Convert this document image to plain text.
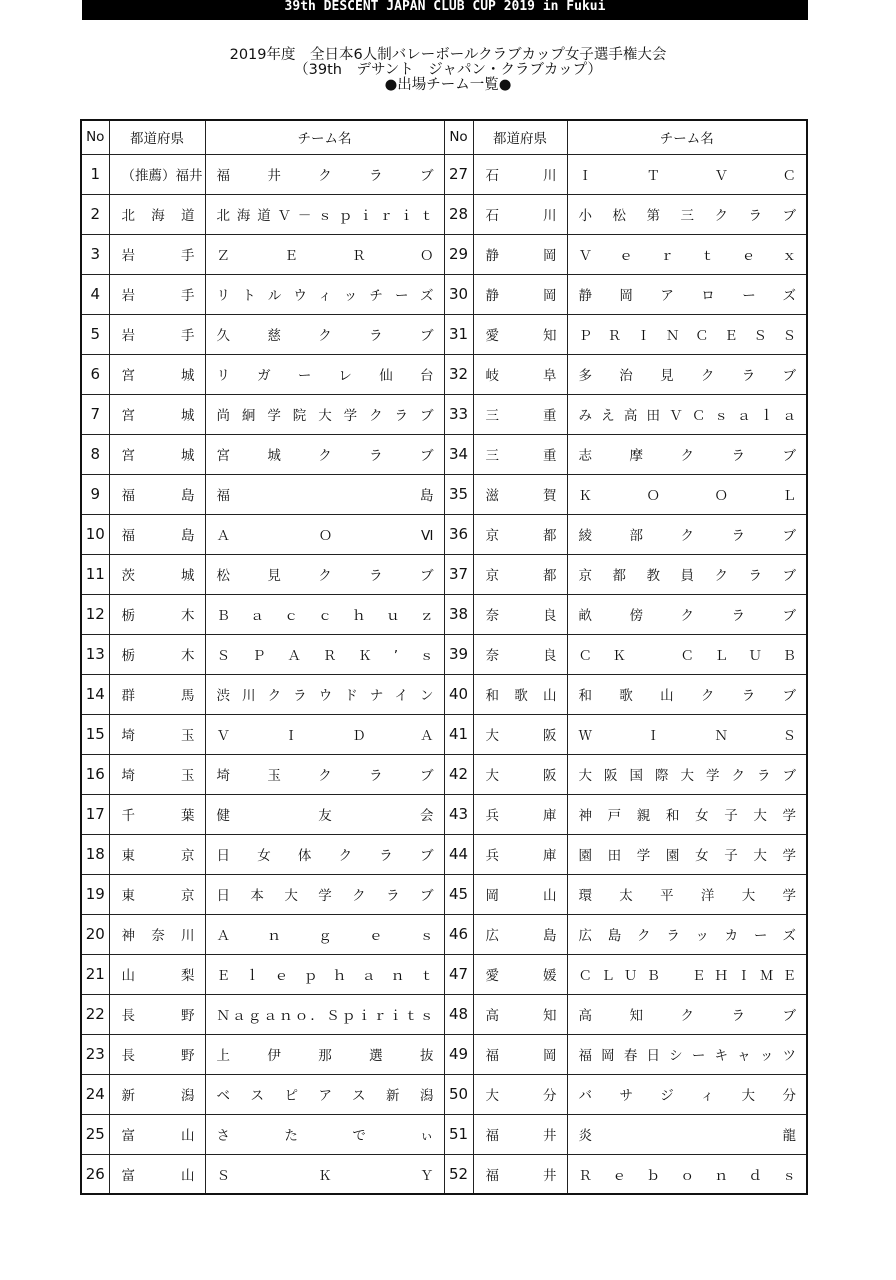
39th DESCENT JAPAN CLUB CUP 2019 in Fukui
2019年度　全日本6人制バレーボールクラブカップ女子選手権大会
（39th　デサント　ジャパン・クラブカップ）
●出場チーム一覧●
No	都道府県	チーム名	No	都道府県	チーム名
1	（推薦）福井	福井クラブ	27	石川	ＩＴＶＣ
2	北海道	北海道Ｖ－ｓｐｉｒｉｔ	28	石川	小松第三クラブ
3	岩手	ＺＥＲＯ	29	静岡	Ｖｅｒｔｅｘ
4	岩手	リトルウィッチーズ	30	静岡	静岡アローズ
5	岩手	久慈クラブ	31	愛知	ＰＲＩＮＣＥＳＳ
6	宮城	リガーレ仙台	32	岐阜	多治見クラブ
7	宮城	尚絅学院大学クラブ	33	三重	みえ高田ＶＣｓａｌａ
8	宮城	宮城クラブ	34	三重	志摩クラブ
9	福島	福島	35	滋賀	ＫＯＯＬ
10	福島	ＡＯⅥ	36	京都	綾部クラブ
11	茨城	松見クラブ	37	京都	京都教員クラブ
12	栃木	Ｂａｃｃｈｕｚ	38	奈良	畝傍クラブ
13	栃木	ＳＰＡＲＫ’ｓ	39	奈良	ＣＫ　ＣＬＵＢ
14	群馬	渋川クラウドナイン	40	和歌山	和歌山クラブ
15	埼玉	ＶＩＤＡ	41	大阪	ＷＩＮＳ
16	埼玉	埼玉クラブ	42	大阪	大阪国際大学クラブ
17	千葉	健友会	43	兵庫	神戸親和女子大学
18	東京	日女体クラブ	44	兵庫	園田学園女子大学
19	東京	日本大学クラブ	45	岡山	環太平洋大学
20	神奈川	Ａｎｇｅｓ	46	広島	広島クラッカーズ
21	山梨	Ｅｌｅｐｈａｎｔ	47	愛媛	ＣＬＵＢ　ＥＨＩＭＥ
22	長野	Ｎａｇａｎｏ．Ｓｐｉｒｉｔｓ	48	高知	高知クラブ
23	長野	上伊那選抜	49	福岡	福岡春日シーキャッツ
24	新潟	ベスピアス新潟	50	大分	バサジィ大分
25	富山	さたでぃ	51	福井	炎龍
26	富山	ＳＫＹ	52	福井	Ｒｅｂｏｎｄｓ
